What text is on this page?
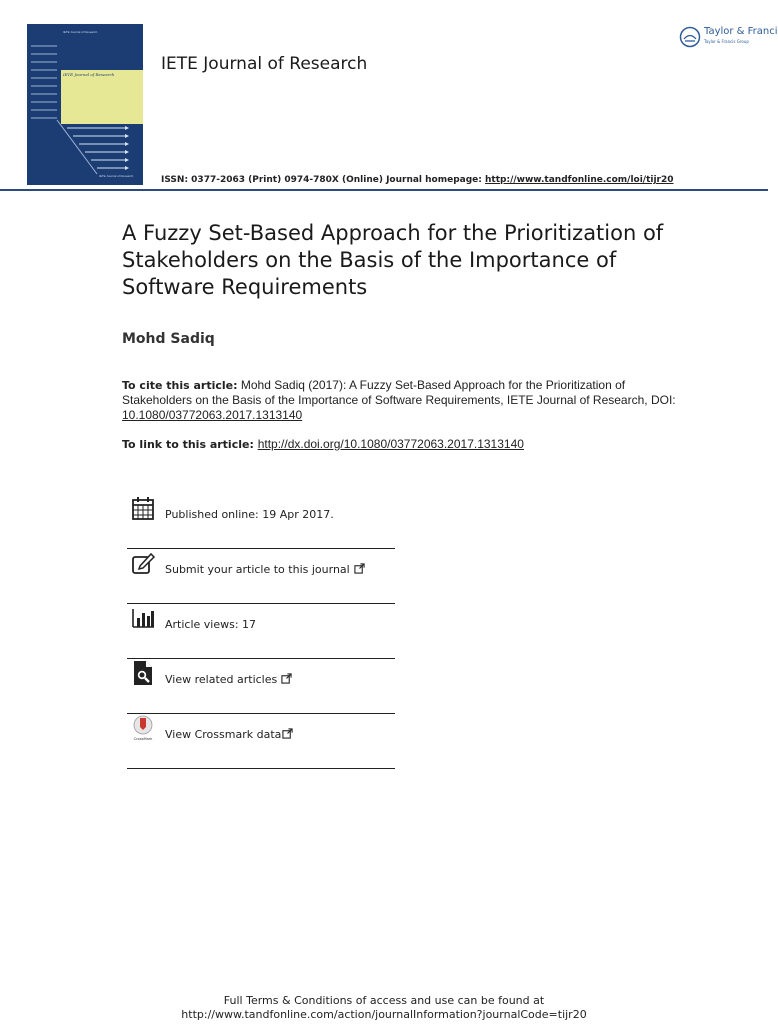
IETE Journal of Research
IETE Journal of Research
IETE Journal of Research
IETE Journal of Research
ISSN: 0377-2063 (Print) 0974-780X (Online) Journal homepage: http://www.tandfonline.com/loi/tijr20
Taylor & Franci
Taylor & Francis Group
A Fuzzy Set-Based Approach for the Prioritization of Stakeholders on the Basis of the Importance of Software Requirements
Mohd Sadiq
To cite this article: Mohd Sadiq (2017): A Fuzzy Set-Based Approach for the Prioritization of Stakeholders on the Basis of the Importance of Software Requirements, IETE Journal of Research, DOI: 10.1080/03772063.2017.1313140
To link to this article: http://dx.doi.org/10.1080/03772063.2017.1313140
Published online: 19 Apr 2017.
Submit your article to this journal
Article views: 17
View related articles
CrossMark View Crossmark data
Full Terms & Conditions of access and use can be found at
http://www.tandfonline.com/action/journalInformation?journalCode=tijr20
